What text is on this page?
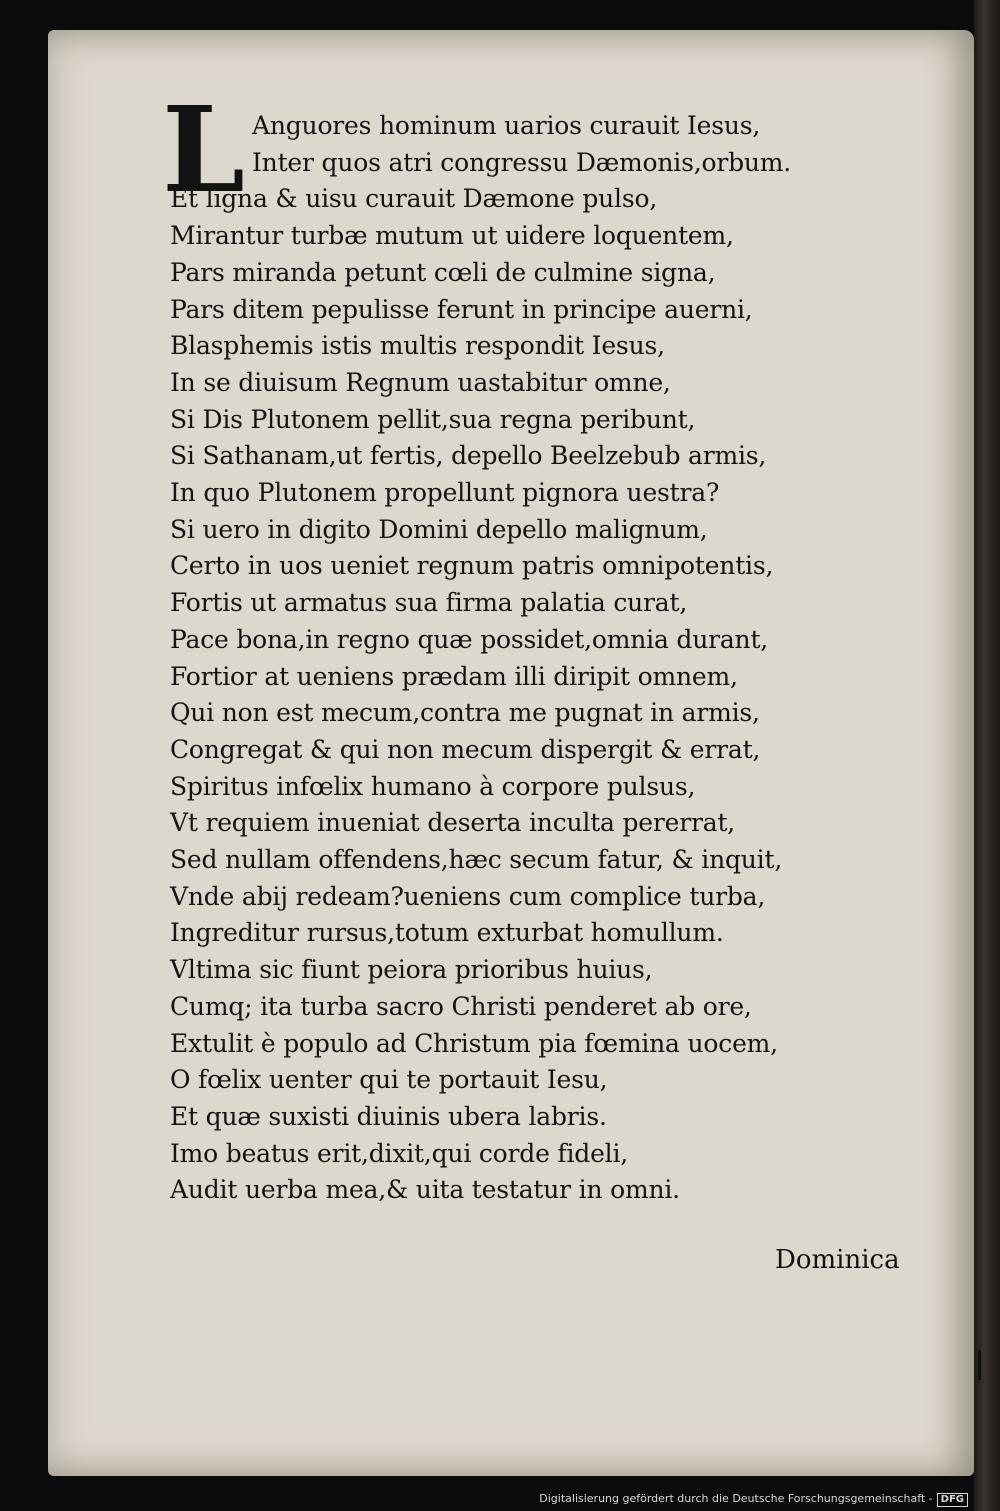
L Anguores hominum uarios curauit Iesus,
Inter quos atri congressu Dæmonis,orbum.
Et ligna & uisu curauit Dæmone pulso,
Mirantur turbæ mutum ut uidere loquentem,
Pars miranda petunt cœli de culmine signa,
Pars ditem pepulisse ferunt in principe auerni,
Blasphemis istis multis respondit Iesus,
In se diuisum Regnum uastabitur omne,
Si Dis Plutonem pellit,sua regna peribunt,
Si Sathanam,ut fertis, depello Beelzebub armis,
In quo Plutonem propellunt pignora uestra?
Si uero in digito Domini depello malignum,
Certo in uos ueniet regnum patris omnipotentis,
Fortis ut armatus sua firma palatia curat,
Pace bona,in regno quæ possidet,omnia durant,
Fortior at ueniens prædam illi diripit omnem,
Qui non est mecum,contra me pugnat in armis,
Congregat & qui non mecum dispergit & errat,
Spiritus infœlix humano à corpore pulsus,
Vt requiem inueniat deserta inculta pererrat,
Sed nullam offendens,hæc secum fatur, & inquit,
Vnde abij redeam?ueniens cum complice turba,
Ingreditur rursus,totum exturbat homullum.
Vltima sic fiunt peiora prioribus huius,
Cumq; ita turba sacro Christi penderet ab ore,
Extulit è populo ad Christum pia fœmina uocem,
O fœlix uenter qui te portauit Iesu,
Et quæ suxisti diuinis ubera labris.
Imo beatus erit,dixit,qui corde fideli,
Audit uerba mea,& uita testatur in omni.
Dominica
Digitalisierung gefördert durch die Deutsche Forschungsgemeinschaft - DFG
